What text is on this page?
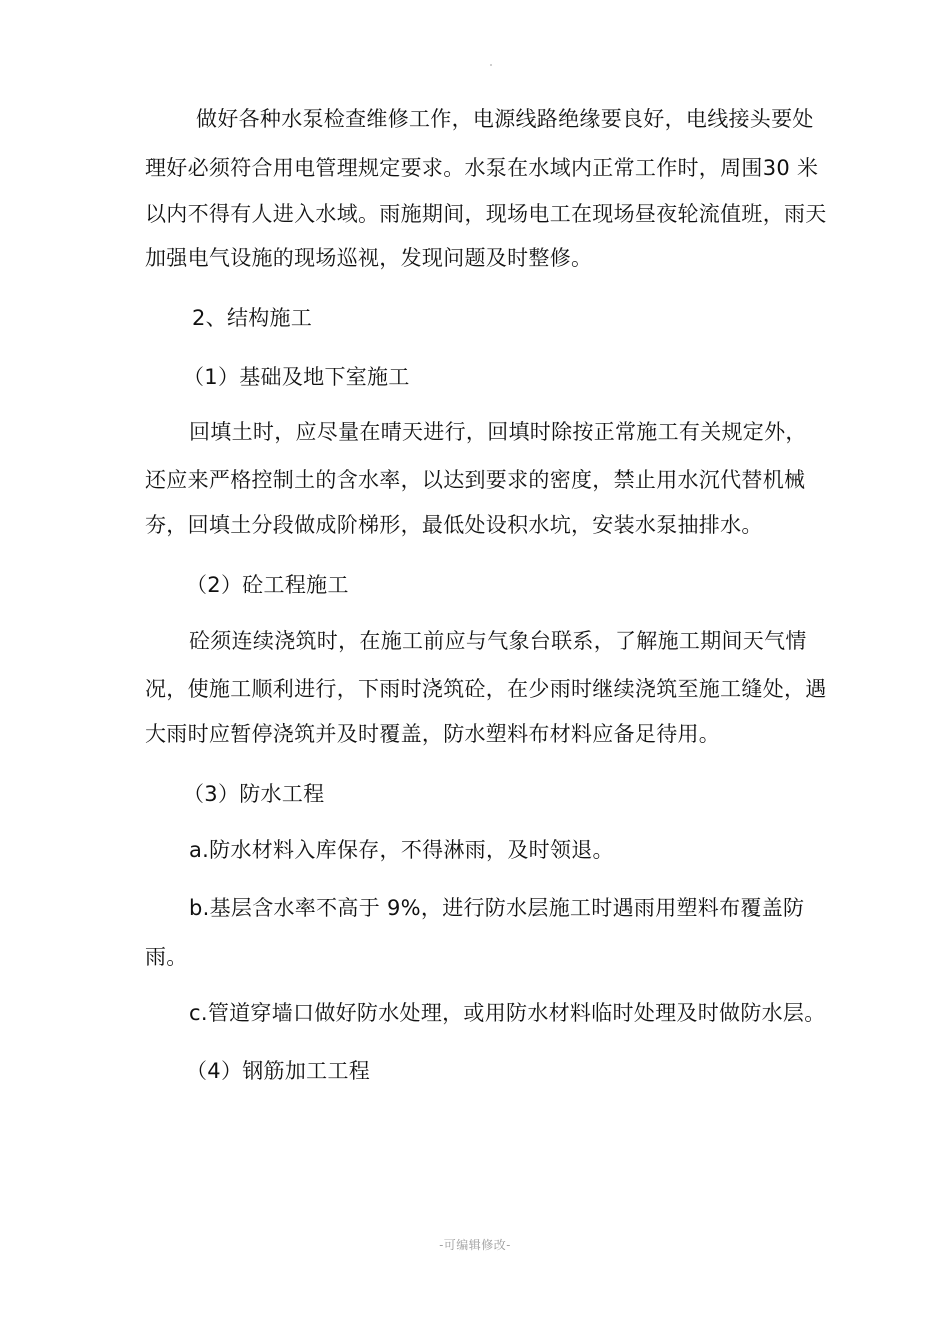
做好各种水泵检查维修工作，电源线路绝缘要良好，电线接头要处
理好必须符合用电管理规定要求。水泵在水域内正常工作时，周围30 米
以内不得有人进入水域。雨施期间，现场电工在现场昼夜轮流值班，雨天
加强电气设施的现场巡视，发现问题及时整修。
2、结构施工
（1）基础及地下室施工
回填土时，应尽量在晴天进行，回填时除按正常施工有关规定外，
还应来严格控制土的含水率，以达到要求的密度，禁止用水沉代替机械
夯，回填土分段做成阶梯形，最低处设积水坑，安装水泵抽排水。
（2）砼工程施工
砼须连续浇筑时，在施工前应与气象台联系，了解施工期间天气情
况，使施工顺利进行，下雨时浇筑砼，在少雨时继续浇筑至施工缝处，遇
大雨时应暂停浇筑并及时覆盖，防水塑料布材料应备足待用。
（3）防水工程
a.防水材料入库保存，不得淋雨，及时领退。
b.基层含水率不高于 9%，进行防水层施工时遇雨用塑料布覆盖防
雨。
c.管道穿墙口做好防水处理，或用防水材料临时处理及时做防水层。
（4）钢筋加工工程
-可编辑修改-
